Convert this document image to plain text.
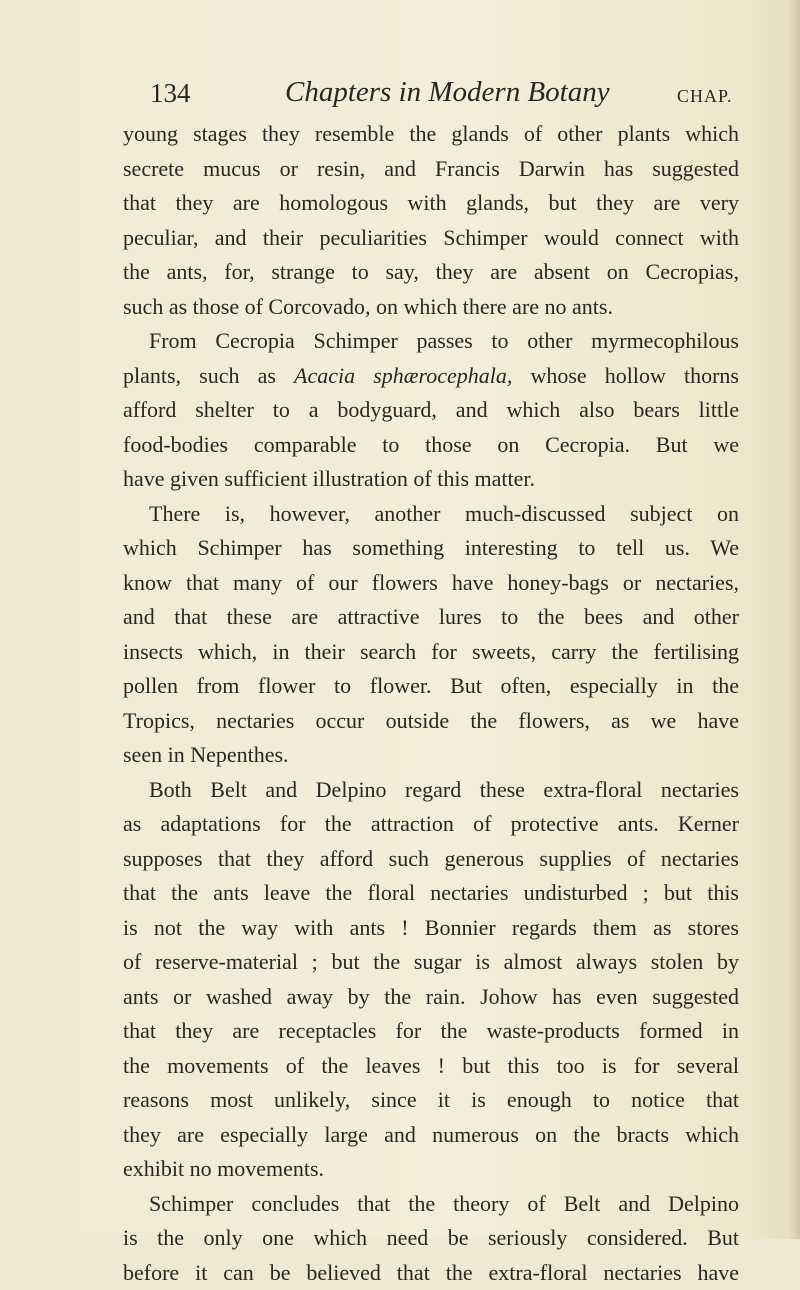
134	Chapters in Modern Botany	CHAP.
young stages they resemble the glands of other plants which
secrete mucus or resin, and Francis Darwin has suggested
that they are homologous with glands, but they are very
peculiar, and their peculiarities Schimper would connect with
the ants, for, strange to say, they are absent on Cecropias,
such as those of Corcovado, on which there are no ants.
From Cecropia Schimper passes to other myrmecophilous
plants, such as Acacia sphærocephala, whose hollow thorns
afford shelter to a bodyguard, and which also bears little
food-bodies comparable to those on Cecropia. But we
have given sufficient illustration of this matter.
There is, however, another much-discussed subject on
which Schimper has something interesting to tell us. We
know that many of our flowers have honey-bags or nectaries,
and that these are attractive lures to the bees and other
insects which, in their search for sweets, carry the fertilising
pollen from flower to flower. But often, especially in the
Tropics, nectaries occur outside the flowers, as we have
seen in Nepenthes.
Both Belt and Delpino regard these extra-floral nectaries
as adaptations for the attraction of protective ants. Kerner
supposes that they afford such generous supplies of nectaries
that the ants leave the floral nectaries undisturbed ; but this
is not the way with ants ! Bonnier regards them as stores
of reserve-material ; but the sugar is almost always stolen by
ants or washed away by the rain. Johow has even suggested
that they are receptacles for the waste-products formed in
the movements of the leaves ! but this too is for several
reasons most unlikely, since it is enough to notice that
they are especially large and numerous on the bracts which
exhibit no movements.
Schimper concludes that the theory of Belt and Delpino
is the only one which need be seriously considered. But
before it can be believed that the extra-floral nectaries have
